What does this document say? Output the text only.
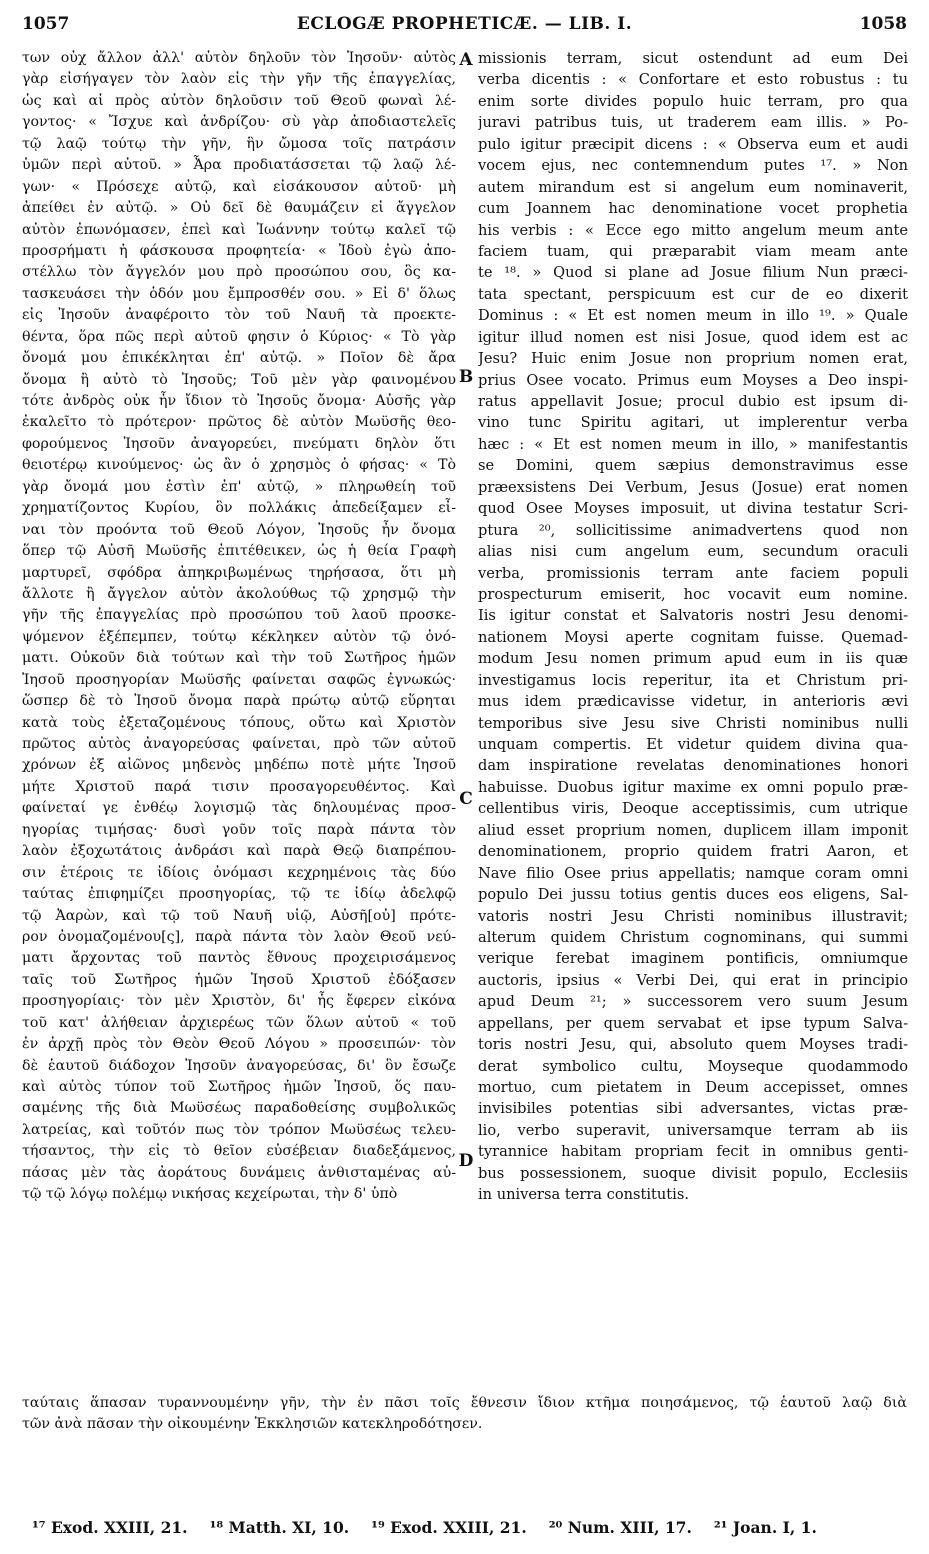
1057	ECLOGÆ PROPHETICÆ. — LIB. I.	1058
των οὐχ ἄλλον ἀλλ' αὐτὸν δηλοῦν τὸν Ἰησοῦν· αὐτὸς
γὰρ εἰσήγαγεν τὸν λαὸν εἰς τὴν γῆν τῆς ἐπαγγελίας,
ὡς καὶ αἱ πρὸς αὐτὸν δηλοῦσιν τοῦ Θεοῦ φωναὶ λέ-
γοντος· « Ἴσχυε καὶ ἀνδρίζου· σὺ γὰρ ἀποδιαστελεῖς
τῷ λαῷ τούτῳ τὴν γῆν, ἣν ὤμοσα τοῖς πατράσιν
ὑμῶν περὶ αὐτοῦ. » Ἆρα προδιατάσσεται τῷ λαῷ λέ-
γων· « Πρόσεχε αὐτῷ, καὶ εἰσάκουσον αὐτοῦ· μὴ
ἀπείθει ἐν αὐτῷ. » Οὐ δεῖ δὲ θαυμάζειν εἰ ἄγγελον
αὐτὸν ἐπωνόμασεν, ἐπεὶ καὶ Ἰωάννην τούτῳ καλεῖ τῷ
προσρήματι ἡ φάσκουσα προφητεία· « Ἰδοὺ ἐγὼ ἀπο-
στέλλω τὸν ἄγγελόν μου πρὸ προσώπου σου, ὃς κα-
τασκευάσει τὴν ὁδόν μου ἔμπροσθέν σου. » Εἰ δ' ὅλως
εἰς Ἰησοῦν ἀναφέροιτο τὸν τοῦ Ναυῆ τὰ προεκτε-
θέντα, ὅρα πῶς περὶ αὐτοῦ φησιν ὁ Κύριος· « Τὸ γὰρ
ὄνομά μου ἐπικέκληται ἐπ' αὐτῷ. » Ποῖον δὲ ἄρα
ὄνομα ἢ αὐτὸ τὸ Ἰησοῦς; Τοῦ μὲν γὰρ φαινομένου
τότε ἀνδρὸς οὐκ ἦν ἴδιον τὸ Ἰησοῦς ὄνομα· Αὐσῆς γὰρ
ἐκαλεῖτο τὸ πρότερον· πρῶτος δὲ αὐτὸν Μωϋσῆς θεο-
φορούμενος Ἰησοῦν ἀναγορεύει, πνεύματι δηλὸν ὅτι
θειοτέρῳ κινούμενος· ὡς ἂν ὁ χρησμὸς ὁ φήσας· « Τὸ
γὰρ ὄνομά μου ἐστὶν ἐπ' αὐτῷ, » πληρωθείη τοῦ
χρηματίζοντος Κυρίου, ὃν πολλάκις ἀπεδείξαμεν εἶ-
ναι τὸν προόντα τοῦ Θεοῦ Λόγον, Ἰησοῦς ἦν ὄνομα
ὅπερ τῷ Αὐσῆ Μωϋσῆς ἐπιτέθεικεν, ὡς ἡ θεία Γραφὴ
μαρτυρεῖ, σφόδρα ἀπηκριβωμένως τηρήσασα, ὅτι μὴ
ἄλλοτε ἢ ἄγγελον αὐτὸν ἀκολούθως τῷ χρησμῷ τὴν
γῆν τῆς ἐπαγγελίας πρὸ προσώπου τοῦ λαοῦ προσκε-
ψόμενον ἐξέπεμπεν, τούτῳ κέκληκεν αὐτὸν τῷ ὀνό-
ματι. Οὐκοῦν διὰ τούτων καὶ τὴν τοῦ Σωτῆρος ἡμῶν
Ἰησοῦ προσηγορίαν Μωϋσῆς φαίνεται σαφῶς ἐγνωκώς·
ὥσπερ δὲ τὸ Ἰησοῦ ὄνομα παρὰ πρώτῳ αὐτῷ εὕρηται
κατὰ τοὺς ἐξεταζομένους τόπους, οὕτω καὶ Χριστὸν
πρῶτος αὐτὸς ἀναγορεύσας φαίνεται, πρὸ τῶν αὐτοῦ
χρόνων ἐξ αἰῶνος μηδενὸς μηδέπω ποτὲ μήτε Ἰησοῦ
μήτε Χριστοῦ παρά τισιν προσαγορευθέντος. Καὶ
φαίνεταί γε ἐνθέῳ λογισμῷ τὰς δηλουμένας προσ-
ηγορίας τιμήσας· δυσὶ γοῦν τοῖς παρὰ πάντα τὸν
λαὸν ἐξοχωτάτοις ἀνδράσι καὶ παρὰ Θεῷ διαπρέπου-
σιν ἑτέροις τε ἰδίοις ὀνόμασι κεχρημένοις τὰς δύο
ταύτας ἐπιφημίζει προσηγορίας, τῷ τε ἰδίῳ ἀδελφῷ
τῷ Ἀαρὼν, καὶ τῷ τοῦ Ναυῆ υἱῷ, Αὐσῆ[οὐ] πρότε-
ρον ὀνομαζομένου[ς], παρὰ πάντα τὸν λαὸν Θεοῦ νεύ-
ματι ἄρχοντας τοῦ παντὸς ἔθνους προχειρισάμενος
ταῖς τοῦ Σωτῆρος ἡμῶν Ἰησοῦ Χριστοῦ ἐδόξασεν
προσηγορίαις· τὸν μὲν Χριστὸν, δι' ἧς ἔφερεν εἰκόνα
τοῦ κατ' ἀλήθειαν ἀρχιερέως τῶν ὅλων αὐτοῦ « τοῦ
ἐν ἀρχῇ πρὸς τὸν Θεὸν Θεοῦ Λόγου » προσειπών· τὸν
δὲ ἑαυτοῦ διάδοχον Ἰησοῦν ἀναγορεύσας, δι' ὃν ἔσωζε
καὶ αὐτὸς τύπον τοῦ Σωτῆρος ἡμῶν Ἰησοῦ, ὅς παυ-
σαμένης τῆς διὰ Μωϋσέως παραδοθείσης συμβολικῶς
λατρείας, καὶ τοῦτόν πως τὸν τρόπον Μωϋσέως τελευ-
τήσαντος, τὴν εἰς τὸ θεῖον εὐσέβειαν διαδεξάμενος,
πάσας μὲν τὰς ἀοράτους δυνάμεις ἀνθισταμένας αὐ-
τῷ τῷ λόγῳ πολέμῳ νικήσας κεχείρωται, τὴν δ' ὑπὸ
missionis terram, sicut ostendunt ad eum Dei
verba dicentis : « Confortare et esto robustus : tu
enim sorte divides populo huic terram, pro qua
juravi patribus tuis, ut traderem eam illis. » Po-
pulo igitur præcipit dicens : « Observa eum et audi
vocem ejus, nec contemnendum putes ¹⁷. » Non
autem mirandum est si angelum eum nominaverit,
cum Joannem hac denominatione vocet prophetia
his verbis : « Ecce ego mitto angelum meum ante
faciem tuam, qui præparabit viam meam ante
te ¹⁸. » Quod si plane ad Josue filium Nun præci-
tata spectant, perspicuum est cur de eo dixerit
Dominus : « Et est nomen meum in illo ¹⁹. » Quale
igitur illud nomen est nisi Josue, quod idem est ac
Jesu? Huic enim Josue non proprium nomen erat,
prius Osee vocato. Primus eum Moyses a Deo inspi-
ratus appellavit Josue; procul dubio est ipsum di-
vino tunc Spiritu agitari, ut implerentur verba
hæc : « Et est nomen meum in illo, » manifestantis
se Domini, quem sæpius demonstravimus esse
præexsistens Dei Verbum, Jesus (Josue) erat nomen
quod Osee Moyses imposuit, ut divina testatur Scri-
ptura ²⁰, sollicitissime animadvertens quod non
alias nisi cum angelum eum, secundum oraculi
verba, promissionis terram ante faciem populi
prospecturum emiserit, hoc vocavit eum nomine.
Iis igitur constat et Salvatoris nostri Jesu denomi-
nationem Moysi aperte cognitam fuisse. Quemad-
modum Jesu nomen primum apud eum in iis quæ
investigamus locis reperitur, ita et Christum pri-
mus idem prædicavisse videtur, in anterioris ævi
temporibus sive Jesu sive Christi nominibus nulli
unquam compertis. Et videtur quidem divina qua-
dam inspiratione revelatas denominationes honori
habuisse. Duobus igitur maxime ex omni populo præ-
cellentibus viris, Deoque acceptissimis, cum utrique
aliud esset proprium nomen, duplicem illam imponit
denominationem, proprio quidem fratri Aaron, et
Nave filio Osee prius appellatis; namque coram omni
populo Dei jussu totius gentis duces eos eligens, Sal-
vatoris nostri Jesu Christi nominibus illustravit;
alterum quidem Christum cognominans, qui summi
verique ferebat imaginem pontificis, omniumque
auctoris, ipsius « Verbi Dei, qui erat in principio
apud Deum ²¹; » successorem vero suum Jesum
appellans, per quem servabat et ipse typum Salva-
toris nostri Jesu, qui, absoluto quem Moyses tradi-
derat symbolico cultu, Moyseque quodammodo
mortuo, cum pietatem in Deum accepisset, omnes
invisibiles potentias sibi adversantes, victas præ-
lio, verbo superavit, universamque terram ab iis
tyrannice habitam propriam fecit in omnibus genti-
bus possessionem, suoque divisit populo, Ecclesiis
in universa terra constitutis.
A
B
C
D
ταύταις ἅπασαν τυραννουμένην γῆν, τὴν ἐν πᾶσι τοῖς ἔθνεσιν ἴδιον κτῆμα ποιησάμενος, τῷ ἑαυτοῦ λαῷ διὰ
τῶν ἀνὰ πᾶσαν τὴν οἰκουμένην Ἐκκλησιῶν κατεκληροδότησεν.
¹⁷ Exod. XXIII, 21. ¹⁸ Matth. XI, 10. ¹⁹ Exod. XXIII, 21. ²⁰ Num. XIII, 17. ²¹ Joan. I, 1.
